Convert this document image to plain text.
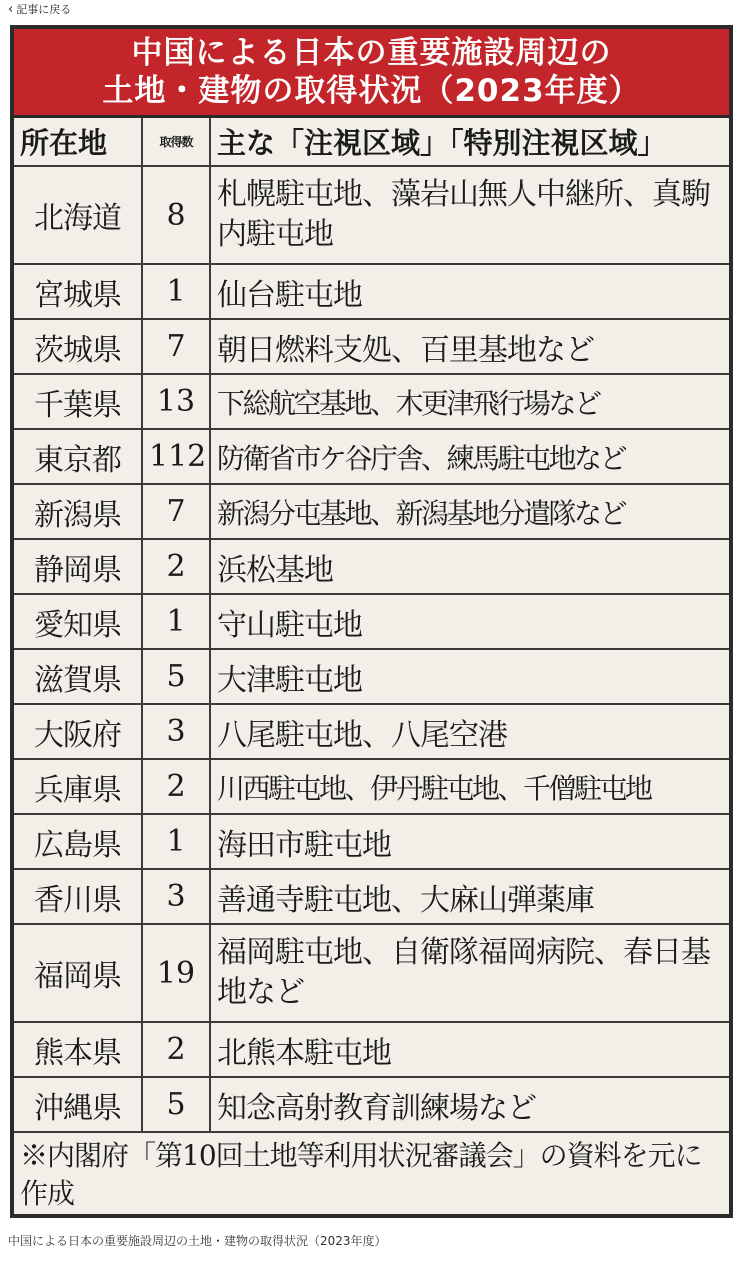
‹ 記事に戻る
中国による日本の重要施設周辺の
土地・建物の取得状況（2023年度）
所在地	取得数	主な「注視区域」「特別注視区域」
北海道	8	札幌駐屯地、藻岩山無人中継所、真駒内駐屯地
宮城県	1	仙台駐屯地
茨城県	7	朝日燃料支処、百里基地など
千葉県	13	下総航空基地、木更津飛行場など
東京都	112	防衛省市ケ谷庁舎、練馬駐屯地など
新潟県	7	新潟分屯基地、新潟基地分遣隊など
静岡県	2	浜松基地
愛知県	1	守山駐屯地
滋賀県	5	大津駐屯地
大阪府	3	八尾駐屯地、八尾空港
兵庫県	2	川西駐屯地、伊丹駐屯地、千僧駐屯地
広島県	1	海田市駐屯地
香川県	3	善通寺駐屯地、大麻山弾薬庫
福岡県	19	福岡駐屯地、自衛隊福岡病院、春日基地など
熊本県	2	北熊本駐屯地
沖縄県	5	知念高射教育訓練場など
※内閣府「第10回土地等利用状況審議会」の資料を元に作成
中国による日本の重要施設周辺の土地・建物の取得状況（2023年度）
